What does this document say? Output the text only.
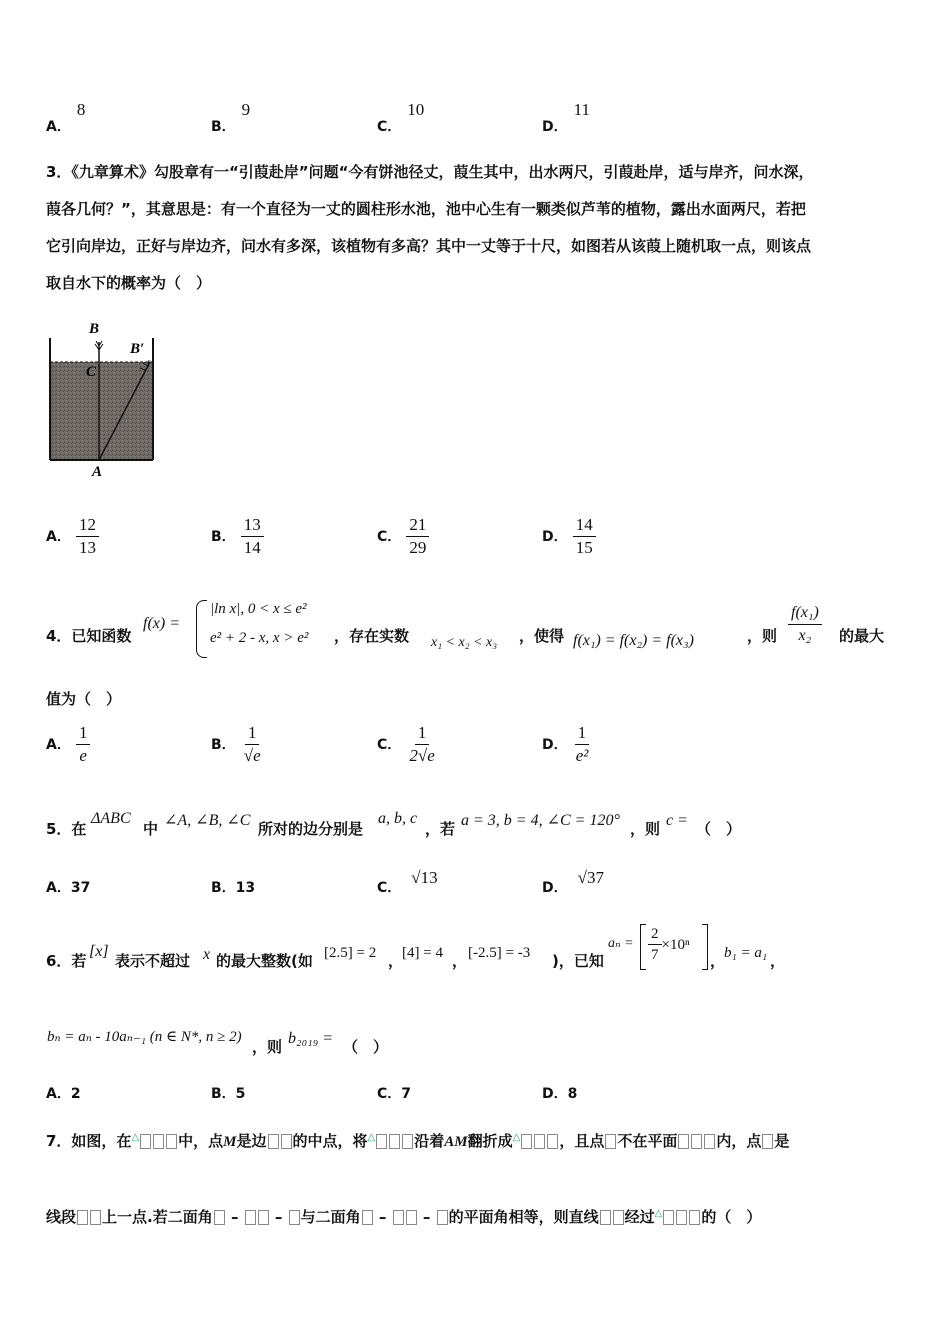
A．8
B．9
C．10
D．11
3．《九章算术》勾股章有一“引葭赴岸”问题“今有饼池径丈，葭生其中，出水两尺，引葭赴岸，适与岸齐，问水深，
葭各几何？”，其意思是：有一个直径为一丈的圆柱形水池，池中心生有一颗类似芦苇的植物，露出水面两尺，若把
它引向岸边，正好与岸边齐，问水有多深，该植物有多高？其中一丈等于十尺，如图若从该葭上随机取一点，则该点
取自水下的概率为（　）
B
B′
C
A
A． $\frac{12}{13}$	B． $\frac{13}{14}$	C． $\frac{21}{29}$	D． $\frac{14}{15}$
4．已知函数
f(x) =
|ln x|, 0 < x ≤ e²
e² + 2 - x, x > e² ，存在实数 x₁ < x₂ < x₃ ，使得 f(x₁) = f(x₂) = f(x₃)	，则 $\frac{\text{f(x₁)}}{\text{x₂}}$ 的最大
值为（　）
A． $\frac{1}{e}$	B． $\frac{1}{√e}$	C． $\frac{1}{2√e}$	D． $\frac{1}{\text{e²}}$
5．在
ΔABC
中 ∠A, ∠B, ∠C 所对的边分别是
a, b, c
，若 a = 3, b = 4, ∠C = 120° ，则 c = （　）
A．37	B．13	C．√13
D．√37
6．若
[x]
表示不超过 x 的最大整数(如 [2.5] = 2 ，
[4] = 4 ， [-2.5] = -3 )，已知
$a_n = \frac{2}{7} \times 10^n$
，
b₁ = a₁ ，
bₙ = aₙ - 10aₙ₋₁ (n ∈ N*, n ≥ 2)
，则 b₂₀₁₉ = （　）
A．2	B．5	C．7	D．8
7．如图，在△	中，点M是边 的中点，将△	沿着AM翻折成△	，且点 不在平面	内，点 是
线段 上一点.若二面角 – – 与二面角 – – 的平面角相等，则直线 经过△	的（　）
